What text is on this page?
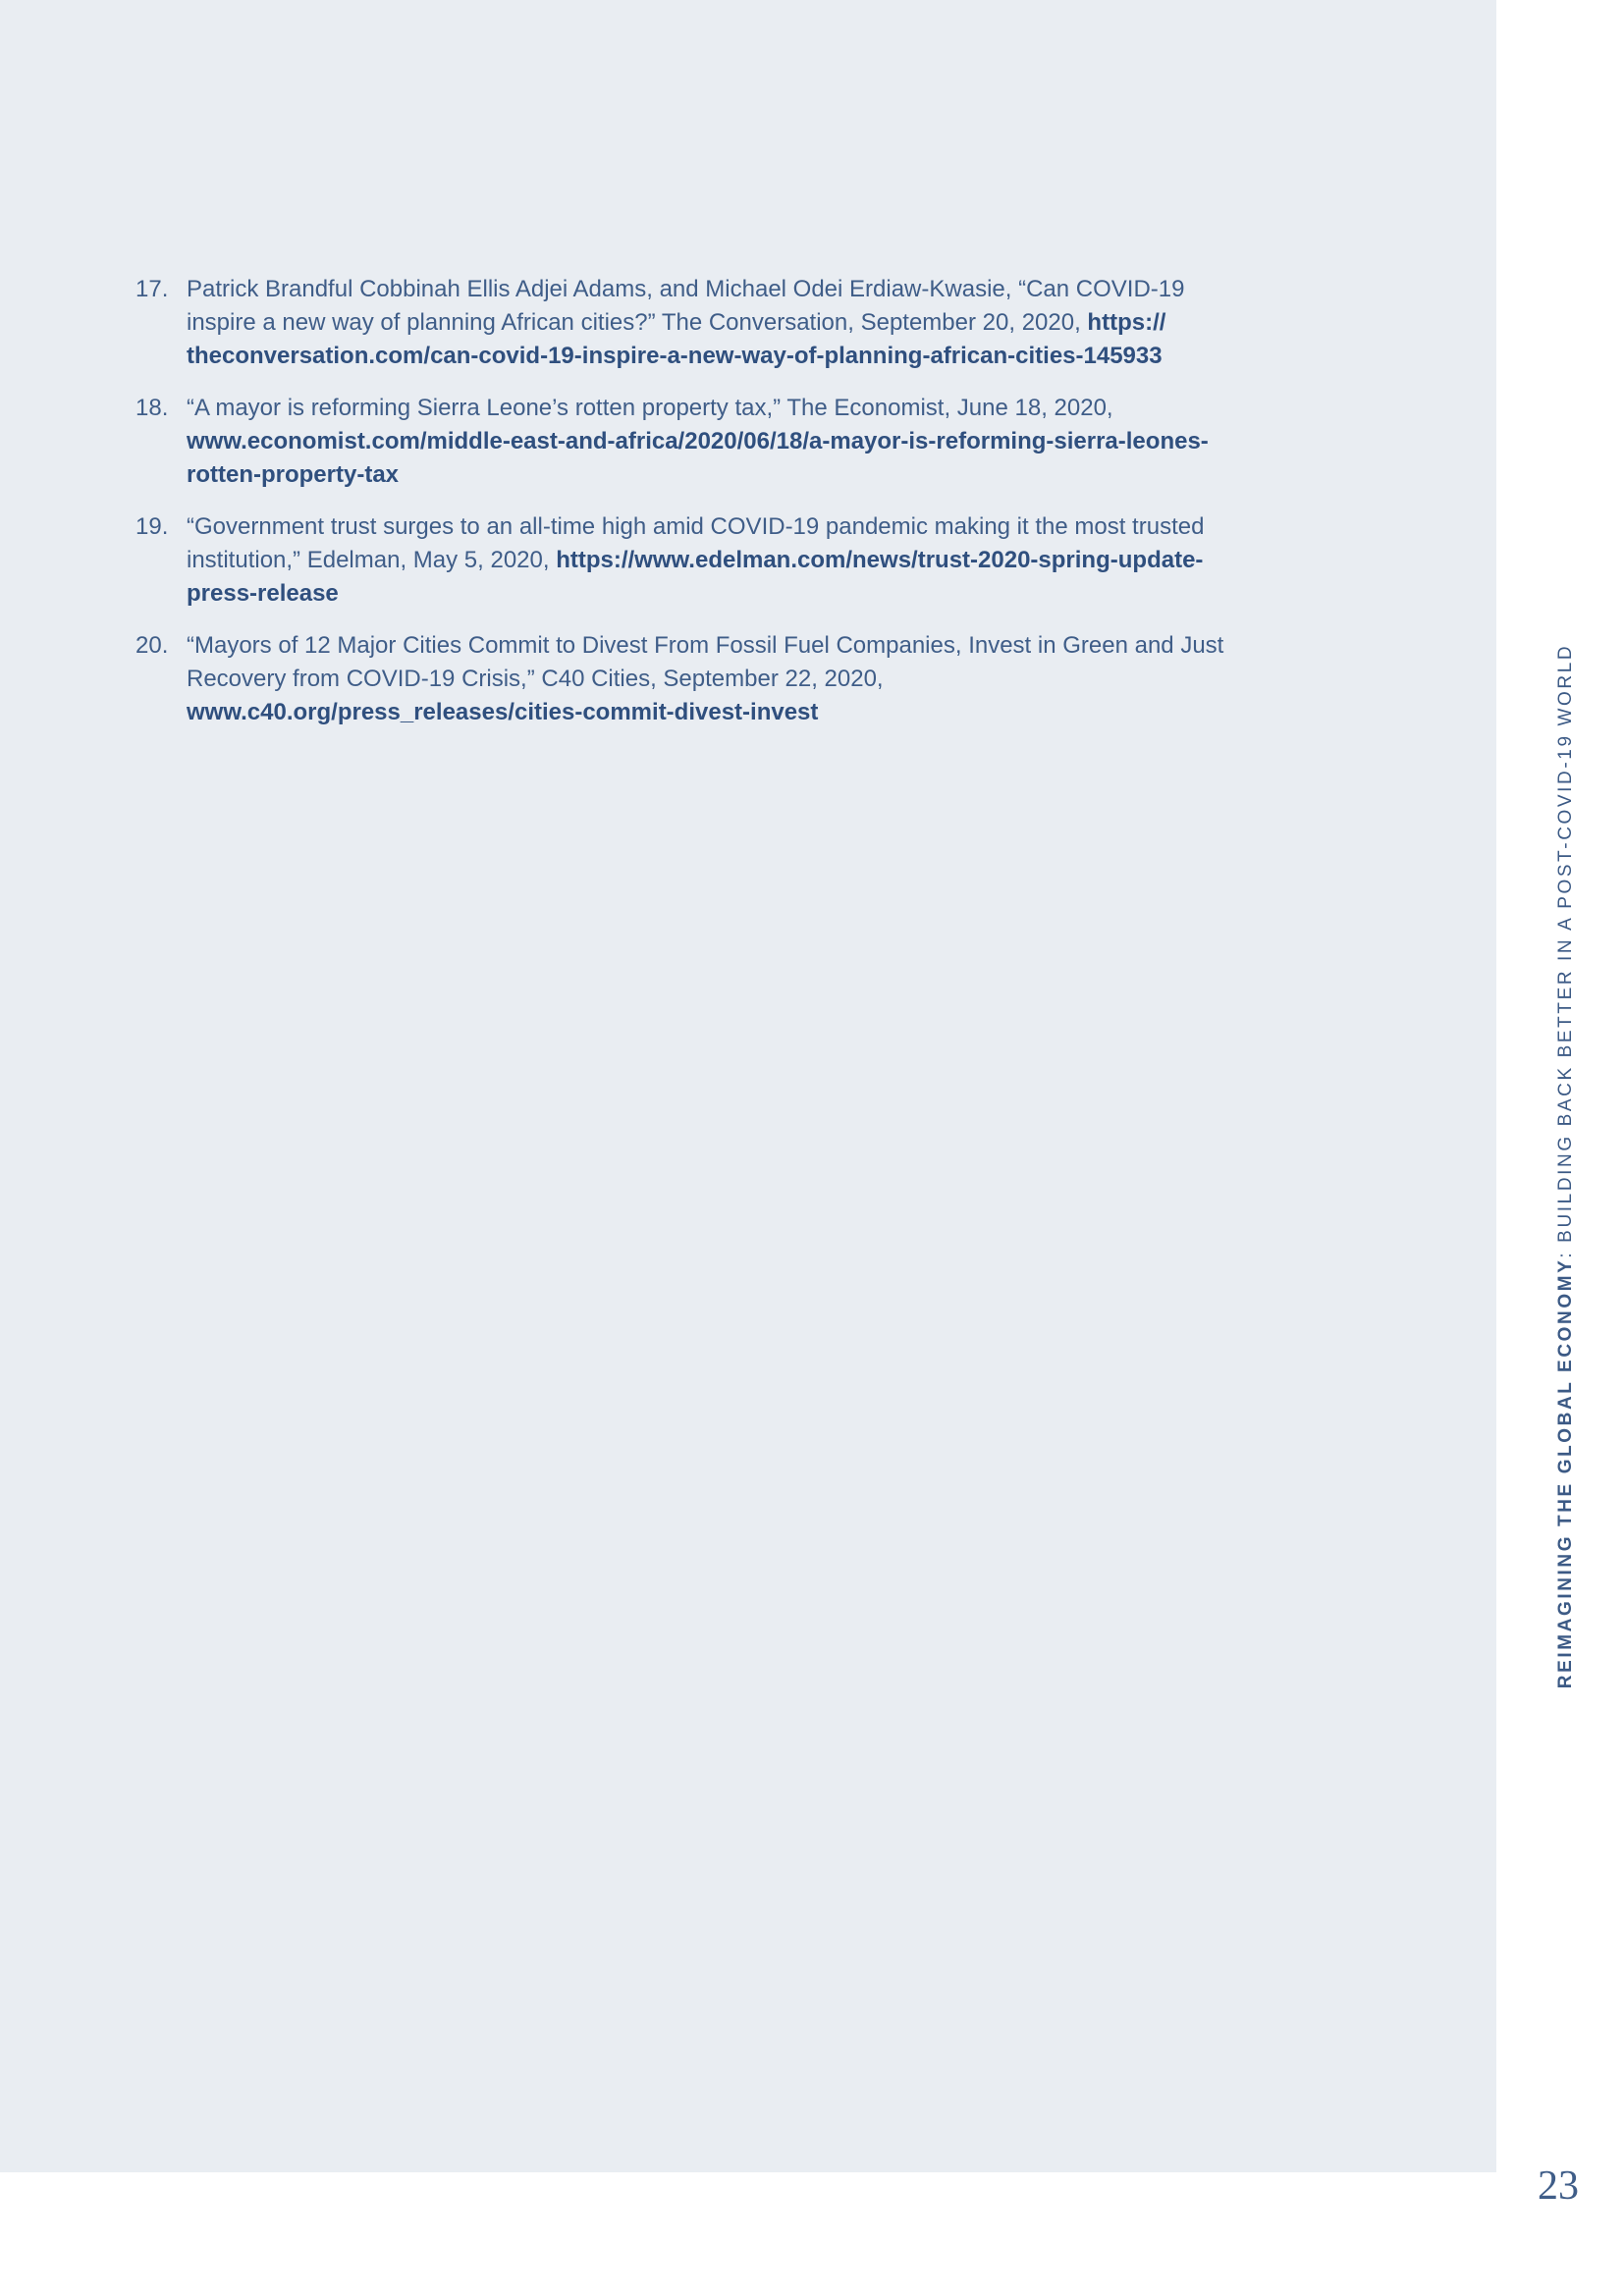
17. Patrick Brandful Cobbinah Ellis Adjei Adams, and Michael Odei Erdiaw-Kwasie, “Can COVID-19
inspire a new way of planning African cities?” The Conversation, September 20, 2020, https://
theconversation.com/can-covid-19-inspire-a-new-way-of-planning-african-cities-145933
18. “A mayor is reforming Sierra Leone’s rotten property tax,” The Economist, June 18, 2020,
www.economist.com/middle-east-and-africa/2020/06/18/a-mayor-is-reforming-sierra-leones-
rotten-property-tax
19. “Government trust surges to an all-time high amid COVID-19 pandemic making it the most trusted
institution,” Edelman, May 5, 2020, https://www.edelman.com/news/trust-2020-spring-update-
press-release
20. “Mayors of 12 Major Cities Commit to Divest From Fossil Fuel Companies, Invest in Green and Just
Recovery from COVID-19 Crisis,” C40 Cities, September 22, 2020,
www.c40.org/press_releases/cities-commit-divest-invest
REIMAGINING THE GLOBAL ECONOMY: BUILDING BACK BETTER IN A POST-COVID-19 WORLD
23
